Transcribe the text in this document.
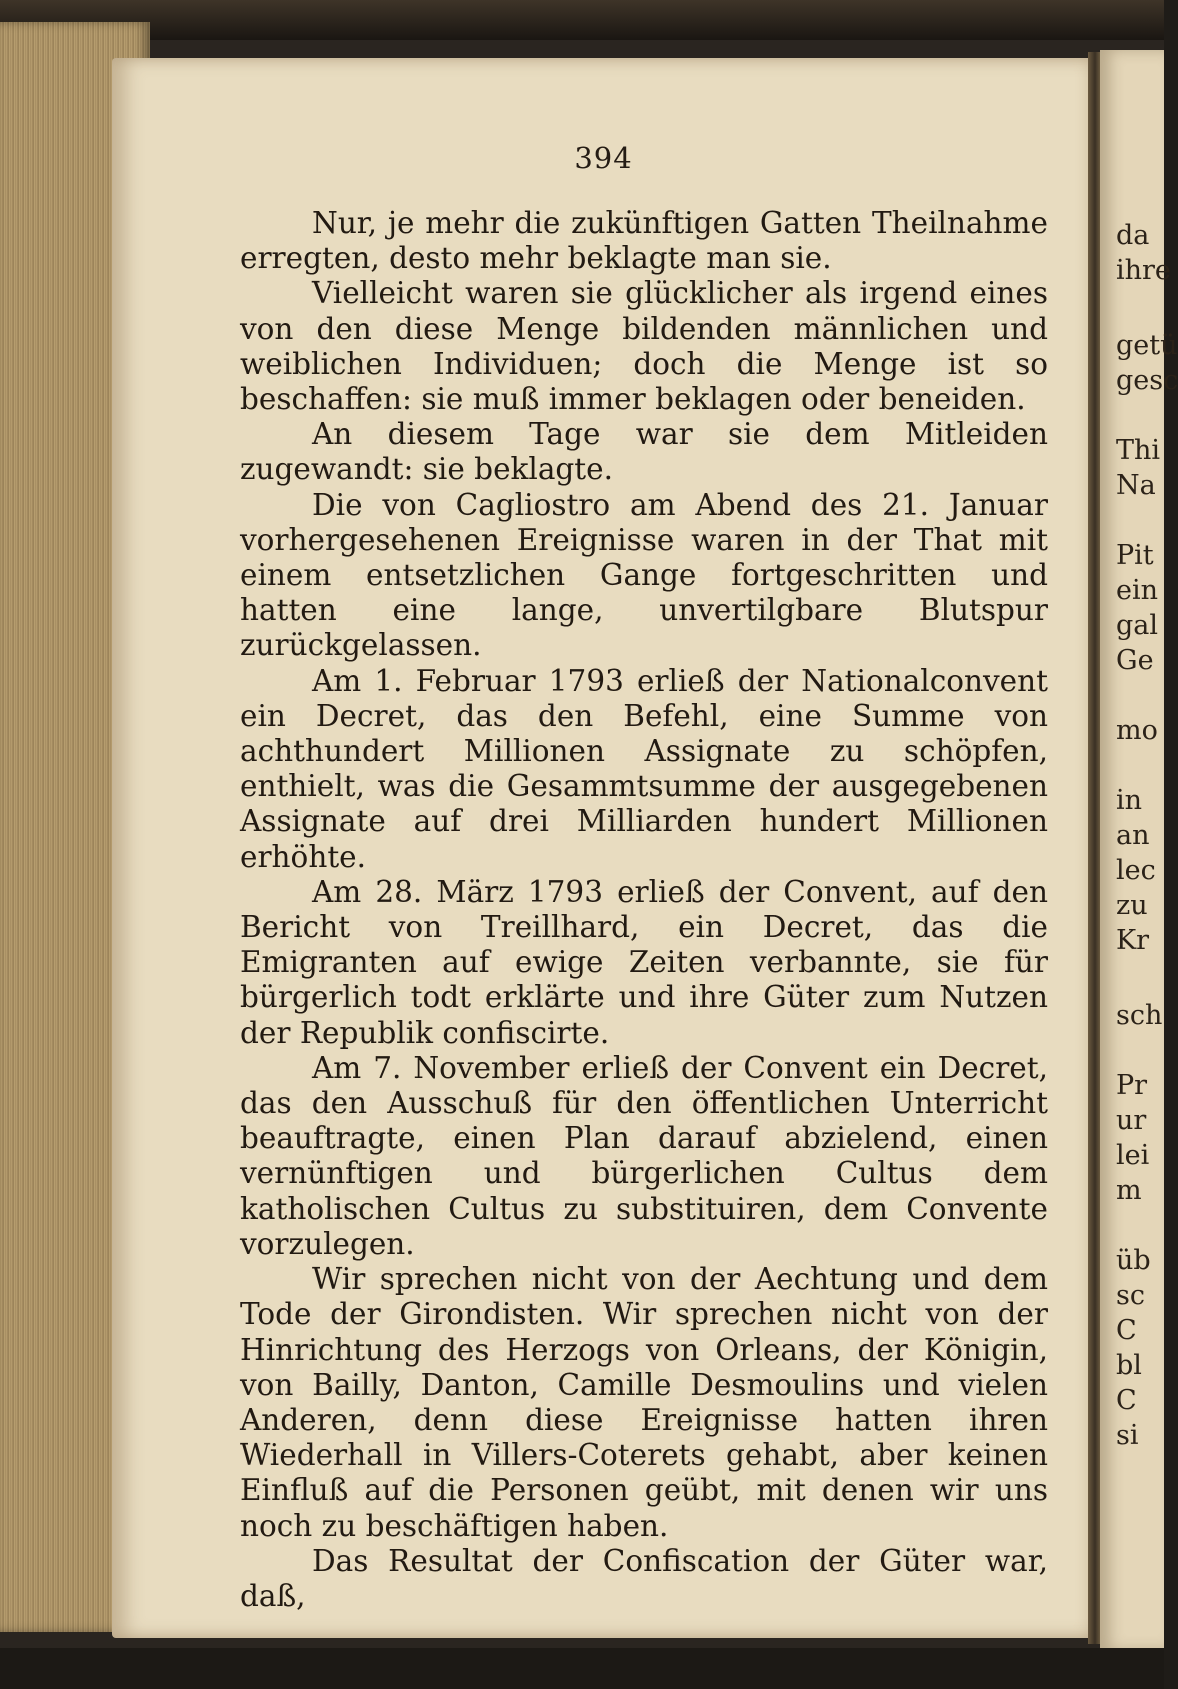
394

Nur, je mehr die zukünftigen Gatten Theilnahme erregten, desto mehr beklagte man sie.

Vielleicht waren sie glücklicher als irgend eines von den diese Menge bildenden männlichen und weiblichen Individuen; doch die Menge ist so beschaffen: sie muß immer beklagen oder beneiden.

An diesem Tage war sie dem Mitleiden zugewandt: sie beklagte.

Die von Cagliostro am Abend des 21. Januar vorhergesehenen Ereignisse waren in der That mit einem entsetzlichen Gange fortgeschritten und hatten eine lange, unvertilgbare Blutspur zurückgelassen.

Am 1. Februar 1793 erließ der Nationalconvent ein Decret, das den Befehl, eine Summe von achthundert Millionen Assignate zu schöpfen, enthielt, was die Gesammtsumme der ausgegebenen Assignate auf drei Milliarden hundert Millionen erhöhte.

Am 28. März 1793 erließ der Convent, auf den Bericht von Treillhard, ein Decret, das die Emigranten auf ewige Zeiten verbannte, sie für bürgerlich todt erklärte und ihre Güter zum Nutzen der Republik confiscirte.

Am 7. November erließ der Convent ein Decret, das den Ausschuß für den öffentlichen Unterricht beauftragte, einen Plan darauf abzielend, einen vernünftigen und bürgerlichen Cultus dem katholischen Cultus zu substituiren, dem Convente vorzulegen.

Wir sprechen nicht von der Aechtung und dem Tode der Girondisten. Wir sprechen nicht von der Hinrichtung des Herzogs von Orleans, der Königin, von Bailly, Danton, Camille Desmoulins und vielen Anderen, denn diese Ereignisse hatten ihren Wiederhall in Villers-Coterets gehabt, aber keinen Einfluß auf die Personen geübt, mit denen wir uns noch zu beschäftigen haben.

Das Resultat der Confiscation der Güter war, daß,

da
ihre
getü
gesc
Thi
Na
Pit
ein
gal
Ge
mo
in
an
lec
zu
Kr
sch
Pr
ur
lei
m
üb
sc
C
bl
C
si
